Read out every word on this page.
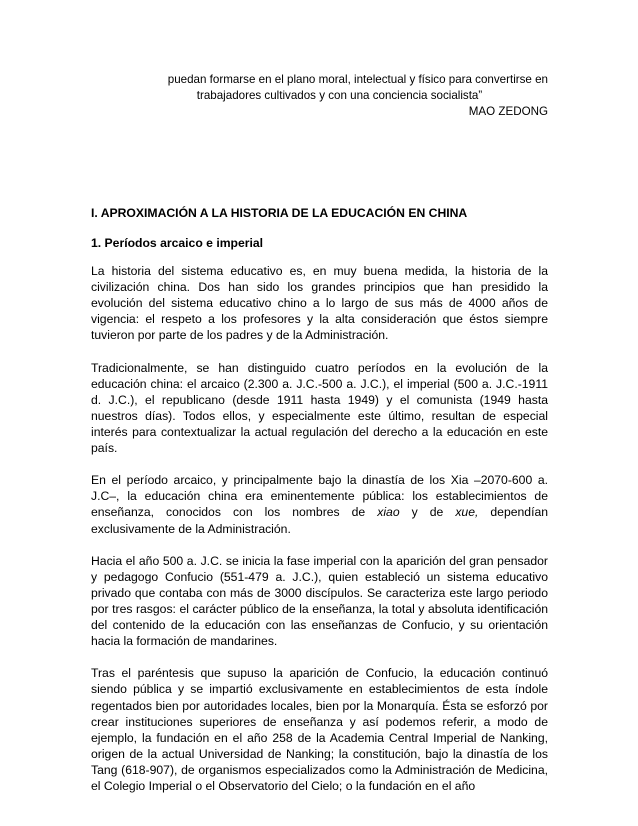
puedan formarse en el plano moral, intelectual y físico para convertirse en
trabajadores cultivados y con una conciencia socialista”
MAO ZEDONG
I. APROXIMACIÓN A LA HISTORIA DE LA EDUCACIÓN EN CHINA
1. Períodos arcaico e imperial

La historia del sistema educativo es, en muy buena medida, la historia de la civilización china. Dos han sido los grandes principios que han presidido la evolución del sistema educativo chino a lo largo de sus más de 4000 años de vigencia: el respeto a los profesores y la alta consideración que éstos siempre tuvieron por parte de los padres y de la Administración.

Tradicionalmente, se han distinguido cuatro períodos en la evolución de la educación china: el arcaico (2.300 a. J.C.-500 a. J.C.), el imperial (500 a. J.C.-1911 d. J.C.), el republicano (desde 1911 hasta 1949) y el comunista (1949 hasta nuestros días). Todos ellos, y especialmente este último, resultan de especial interés para contextualizar la actual regulación del derecho a la educación en este país.

En el período arcaico, y principalmente bajo la dinastía de los Xia –2070-600 a. J.C–, la educación china era eminentemente pública: los establecimientos de enseñanza, conocidos con los nombres de xiao y de xue, dependían exclusivamente de la Administración.

Hacia el año 500 a. J.C. se inicia la fase imperial con la aparición del gran pensador y pedagogo Confucio (551-479 a. J.C.), quien estableció un sistema educativo privado que contaba con más de 3000 discípulos. Se caracteriza este largo periodo por tres rasgos: el carácter público de la enseñanza, la total y absoluta identificación del contenido de la educación con las enseñanzas de Confucio, y su orientación hacia la formación de mandarines.

Tras el paréntesis que supuso la aparición de Confucio, la educación continuó siendo pública y se impartió exclusivamente en establecimientos de esta índole regentados bien por autoridades locales, bien por la Monarquía. Ésta se esforzó por crear instituciones superiores de enseñanza y así podemos referir, a modo de ejemplo, la fundación en el año 258 de la Academia Central Imperial de Nanking, origen de la actual Universidad de Nanking; la constitución, bajo la dinastía de los Tang (618-907), de organismos especializados como la Administración de Medicina, el Colegio Imperial o el Observatorio del Cielo; o la fundación en el año
